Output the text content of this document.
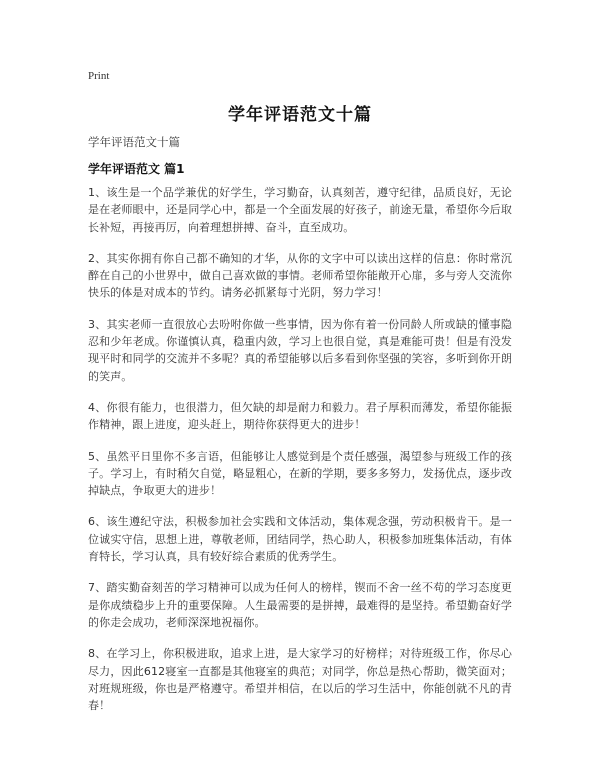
Print
学年评语范文十篇
学年评语范文十篇
学年评语范文 篇1

1、该生是一个品学兼优的好学生，学习勤奋，认真刻苦，遵守纪律，品质良好，无论是在老师眼中，还是同学心中，都是一个全面发展的好孩子，前途无量，希望你今后取长补短，再接再厉，向着理想拼搏、奋斗，直至成功。

2、其实你拥有你自己都不确知的才华，从你的文字中可以读出这样的信息：你时常沉醉在自己的小世界中，做自己喜欢做的事情。老师希望你能敞开心扉，多与旁人交流你快乐的体是对成本的节约。请务必抓紧每寸光阴，努力学习！

3、其实老师一直很放心去吩咐你做一些事情，因为你有着一份同龄人所或缺的懂事隐忍和少年老成。你谨慎认真，稳重内敛，学习上也很自觉，真是难能可贵！但是有没发现平时和同学的交流并不多呢？真的希望能够以后多看到你坚强的笑容，多听到你开朗的笑声。

4、你很有能力，也很潜力，但欠缺的却是耐力和毅力。君子厚积而薄发，希望你能振作精神，跟上进度，迎头赶上，期待你获得更大的进步！

5、虽然平日里你不多言语，但能够让人感觉到是个责任感强，渴望参与班级工作的孩子。学习上，有时稍欠自觉，略显粗心，在新的学期，要多多努力，发扬优点，逐步改掉缺点，争取更大的进步！

6、该生遵纪守法，积极参加社会实践和文体活动，集体观念强，劳动积极肯干。是一位诚实守信，思想上进，尊敬老师，团结同学，热心助人，积极参加班集体活动，有体育特长，学习认真，具有较好综合素质的优秀学生。

7、踏实勤奋刻苦的学习精神可以成为任何人的榜样，锲而不舍一丝不苟的学习态度更是你成绩稳步上升的重要保障。人生最需要的是拼搏，最难得的是坚持。希望勤奋好学的你走会成功，老师深深地祝福你。

8、在学习上，你积极进取，追求上进，是大家学习的好榜样；对待班级工作，你尽心尽力，因此612寝室一直都是其他寝室的典范；对同学，你总是热心帮助，微笑面对；对班规班级，你也是严格遵守。希望并相信，在以后的学习生活中，你能创就不凡的青春！
